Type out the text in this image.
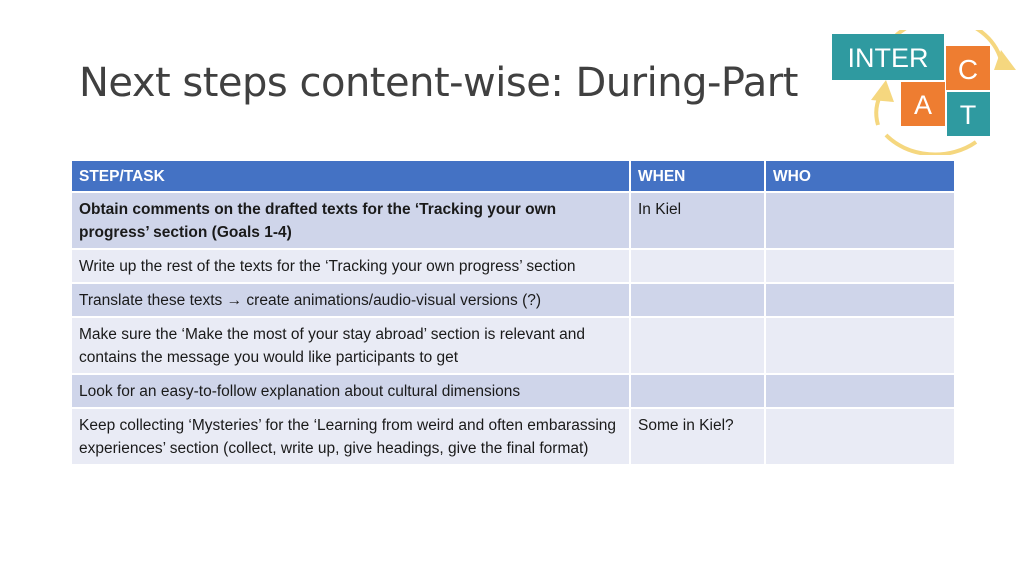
Next steps content-wise: During-Part
INTER C
A T
STEP/TASK	WHEN	WHO
Obtain comments on the drafted texts for the ‘Tracking your own progress’ section (Goals 1-4)	In Kiel	
Write up the rest of the texts for the ‘Tracking your own progress’ section		
Translate these texts → create animations/audio-visual versions (?)		
Make sure the ‘Make the most of your stay abroad’ section is relevant and contains the message you would like participants to get		
Look for an easy-to-follow explanation about cultural dimensions		
Keep collecting ‘Mysteries’ for the ‘Learning from weird and often embarassing experiences’ section (collect, write up, give headings, give the final format)	Some in Kiel?	
